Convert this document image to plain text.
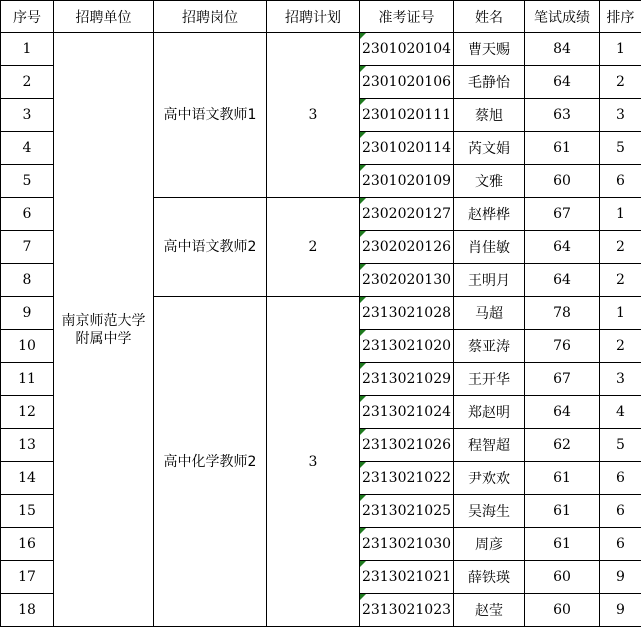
序号	招聘单位	招聘岗位	招聘计划	准考证号	姓名	笔试成绩	排序
1	南京师范大学附属中学	高中语文教师1	3	2301020104	曹天赐	84	1
2				2301020106	毛静怡	64	2
3				2301020111	蔡旭	63	3
4				2301020114	芮文娟	61	5
5				2301020109	文雅	60	6
6		高中语文教师2	2	2302020127	赵桦桦	67	1
7				2302020126	肖佳敏	64	2
8				2302020130	王明月	64	2
9		高中化学教师2	3	2313021028	马超	78	1
10				2313021020	蔡亚涛	76	2
11				2313021029	王开华	67	3
12				2313021024	郑赵明	64	4
13				2313021026	程智超	62	5
14				2313021022	尹欢欢	61	6
15				2313021025	吴海生	61	6
16				2313021030	周彦	61	6
17				2313021021	薛铁瑛	60	9
18				2313021023	赵莹	60	9
